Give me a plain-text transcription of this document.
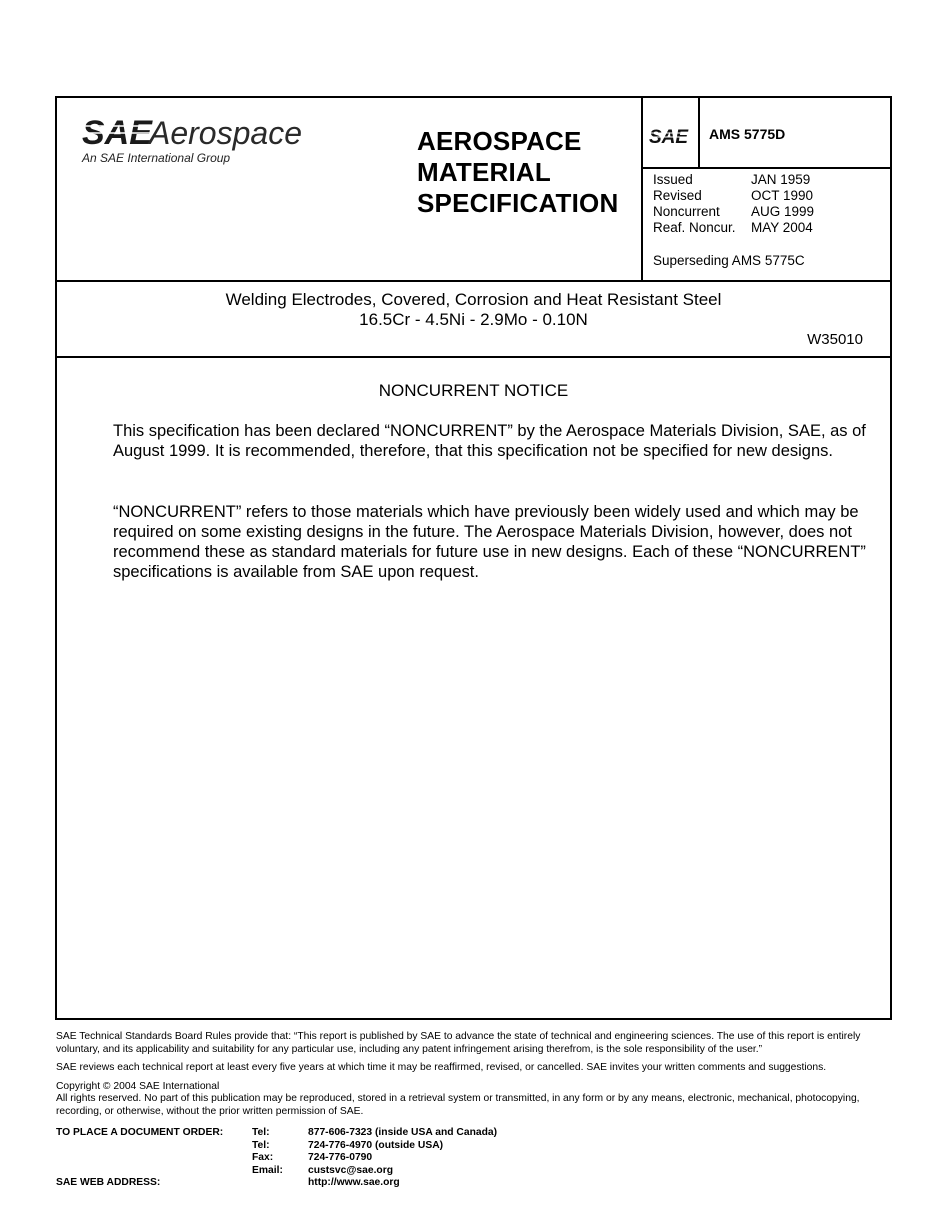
SAE
Aerospace
An SAE International Group
AEROSPACE
MATERIAL
SPECIFICATION
SAE AMS 5775D
Issued	JAN 1959
Revised	OCT 1990
Noncurrent	AUG 1999
Reaf. Noncur.	MAY 2004
Superseding AMS 5775C
Welding Electrodes, Covered, Corrosion and Heat Resistant Steel
16.5Cr - 4.5Ni - 2.9Mo - 0.10N
W35010
NONCURRENT NOTICE
This specification has been declared “NONCURRENT” by the Aerospace Materials Division, SAE, as of August 1999. It is recommended, therefore, that this specification not be specified for new designs.
“NONCURRENT” refers to those materials which have previously been widely used and which may be required on some existing designs in the future. The Aerospace Materials Division, however, does not recommend these as standard materials for future use in new designs. Each of these “NONCURRENT” specifications is available from SAE upon request.
SAE Technical Standards Board Rules provide that: “This report is published by SAE to advance the state of technical and engineering sciences. The use of this report is entirely voluntary, and its applicability and suitability for any particular use, including any patent infringement arising therefrom, is the sole responsibility of the user.”
SAE reviews each technical report at least every five years at which time it may be reaffirmed, revised, or cancelled. SAE invites your written comments and suggestions.
Copyright © 2004 SAE International
All rights reserved. No part of this publication may be reproduced, stored in a retrieval system or transmitted, in any form or by any means, electronic, mechanical, photocopying, recording, or otherwise, without the prior written permission of SAE.
TO PLACE A DOCUMENT ORDER:	Tel:	877-606-7323 (inside USA and Canada)
Tel:	724-776-4970 (outside USA)
Fax:	724-776-0790
Email: custsvc@sae.org
SAE WEB ADDRESS:	http://www.sae.org
